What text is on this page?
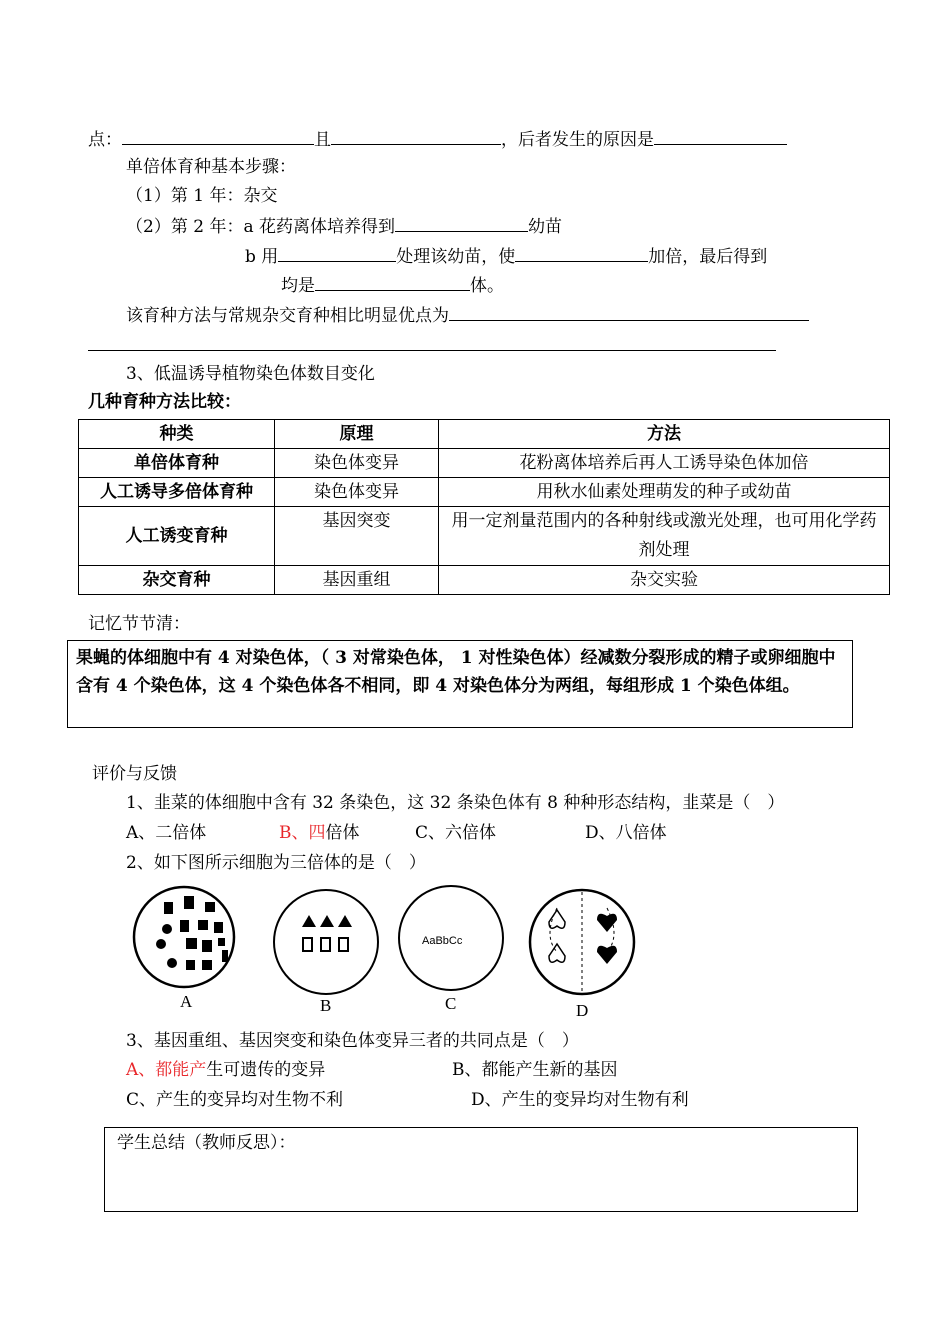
点：	且	，后者发生的原因是
单倍体育种基本步骤：
（1）第 1 年：杂交
（2）第 2 年：a 花药离体培养得到	幼苗
b 用	处理该幼苗，使	加倍，最后得到
均是	体。
该育种方法与常规杂交育种相比明显优点为
3、低温诱导植物染色体数目变化
几种育种方法比较：
种类	原理	方法
单倍体育种	染色体变异	花粉离体培养后再人工诱导染色体加倍
人工诱导多倍体育种	染色体变异	用秋水仙素处理萌发的种子或幼苗
人工诱变育种	基因突变	用一定剂量范围内的各种射线或激光处理，也可用化学药剂处理
杂交育种	基因重组	杂交实验
记忆节节清：
果蝇的体细胞中有 4 对染色体，（ 3 对常染色体， 1 对性染色体）经减数分裂形成的精子或卵细胞中含有 4 个染色体，这 4 个染色体各不相同，即 4 对染色体分为两组，每组形成 1 个染色体组。
评价与反馈
1、韭菜的体细胞中含有 32 条染色，这 32 条染色体有 8 种种形态结构，韭菜是（　）
A、二倍体	B、四倍体	C、六倍体	D、八倍体
2、如下图所示细胞为三倍体的是（　）
A	B
AaBbCc
C	D
3、基因重组、基因突变和染色体变异三者的共同点是（　）
A、都能产生可遗传的变异	B、都能产生新的基因
C、产生的变异均对生物不利	D、产生的变异均对生物有利
学生总结（教师反思）：
